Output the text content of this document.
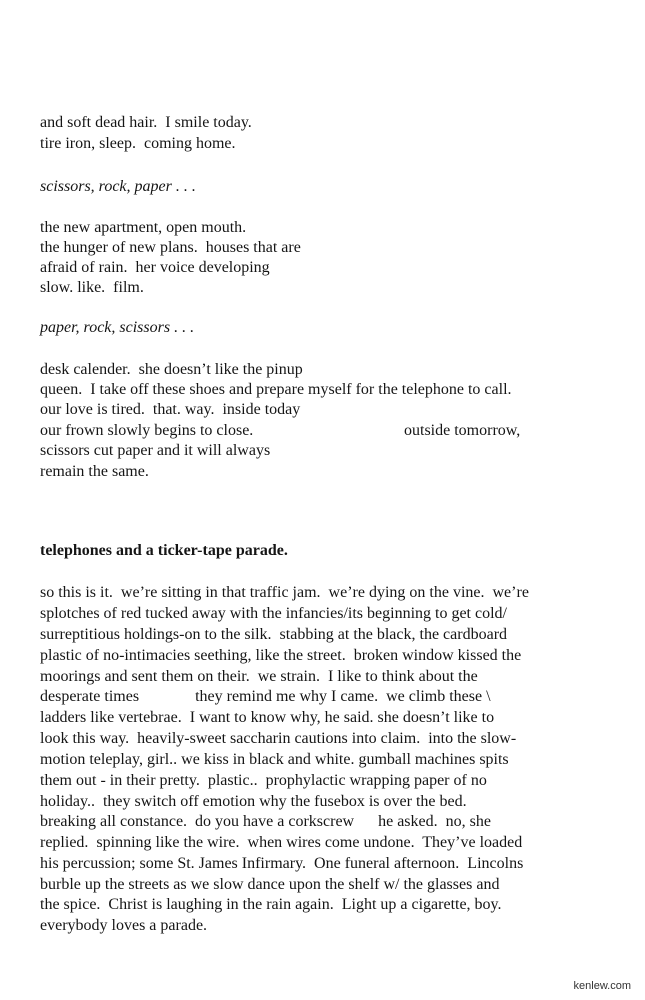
and soft dead hair.  I smile today.

tire iron, sleep.  coming home.

scissors, rock, paper . . .

the new apartment, open mouth.

the hunger of new plans.  houses that are

afraid of rain.  her voice developing

slow. like.  film.

paper, rock, scissors . . .

desk calender.  she doesn’t like the pinup

queen.  I take off these shoes and prepare myself for the telephone to call.

our love is tired.  that. way.  inside today

our frown slowly begins to close.	outside tomorrow,

scissors cut paper and it will always

remain the same.

telephones and a ticker-tape parade.

so this is it.  we’re sitting in that traffic jam.  we’re dying on the vine.  we’re

splotches of red tucked away with the infancies/its beginning to get cold/

surreptitious holdings-on to the silk.  stabbing at the black, the cardboard

plastic of no-intimacies seething, like the street.  broken window kissed the

moorings and sent them on their.  we strain.  I like to think about the

desperate times              they remind me why I came.  we climb these \

ladders like vertebrae.  I want to know why, he said. she doesn’t like to

look this way.  heavily-sweet saccharin cautions into claim.  into the slow-

motion teleplay, girl.. we kiss in black and white. gumball machines spits

them out - in their pretty.  plastic..  prophylactic wrapping paper of no

holiday..  they switch off emotion why the fusebox is over the bed.

breaking all constance.  do you have a corkscrew      he asked.  no, she

replied.  spinning like the wire.  when wires come undone.  They’ve loaded

his percussion; some St. James Infirmary.  One funeral afternoon.  Lincolns

burble up the streets as we slow dance upon the shelf w/ the glasses and

the spice.  Christ is laughing in the rain again.  Light up a cigarette, boy.

everybody loves a parade.

kenlew.com
